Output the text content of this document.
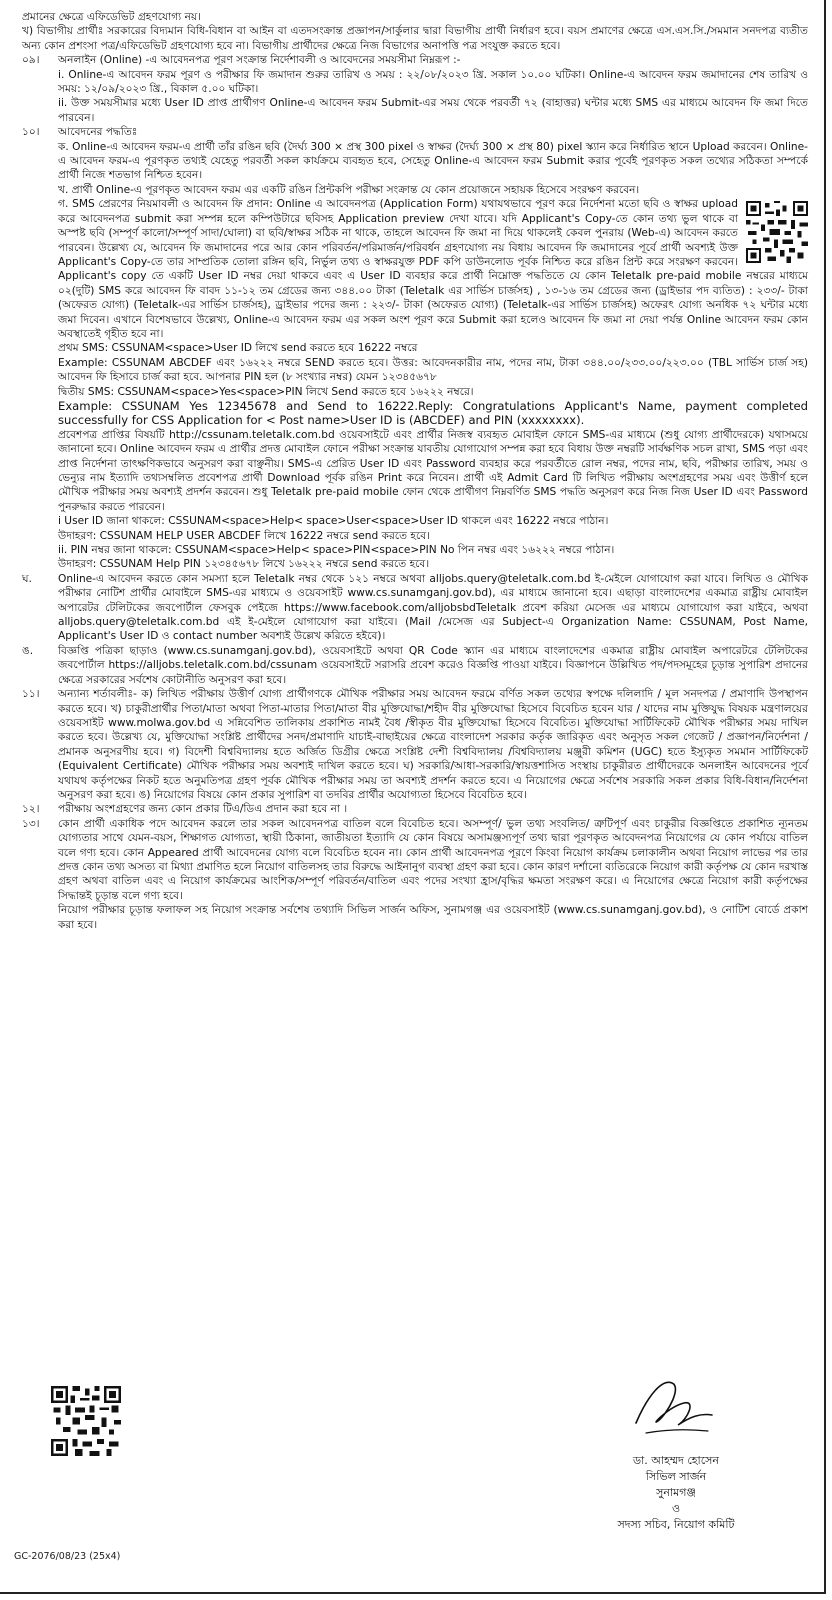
প্রমানের ক্ষেত্রে এফিডেভিট গ্রহণযোগ্য নয়।

খ) বিভাগীয় প্রার্থীঃ সরকারের বিদ্যমান বিধি-বিধান বা আইন বা এতদসংক্রান্ত প্রজ্ঞাপন/সার্কুলার দ্বারা বিভাগীয় প্রার্থী নির্ধারণ হবে। বয়স প্রমাণের ক্ষেত্রে এস.এস.সি./সমমান সনদপত্র ব্যতীত অন্য কোন প্রশংসা পত্র/এফিডেভিট গ্রহণযোগ্য হবে না। বিভাগীয় প্রার্থীদের ক্ষেত্রে নিজ বিভাগের অনাপত্তি পত্র সংযুক্ত করতে হবে।

০৯।	অনলাইন (Online) -এ আবেদনপত্র পূরণ সংক্রান্ত নির্দেশাবলী ও আবেদনের সময়সীমা নিম্নরূপ :-

i. Online-এ আবেদন ফরম পূরণ ও পরীক্ষার ফি জমাদান শুরুর তারিখ ও সময় : ২২/০৮/২০২৩ খ্রি. সকাল ১০.০০ ঘটিকা। Online-এ আবেদন ফরম জমাদানের শেষ তারিখ ও সময়: ১২/০৯/২০২৩ খ্রি., বিকাল ৫.০০ ঘটিকা।

ii. উক্ত সময়সীমার মধ্যে User ID প্রাপ্ত প্রার্থীগণ Online-এ আবেদন ফরম Submit-এর সময় থেকে পরবর্তী ৭২ (বাহাত্তর) ঘন্টার মধ্যে SMS এর মাধ্যমে আবেদন ফি জমা দিতে পারবেন।

১০।	আবেদনের পদ্ধতিঃ

ক. Online-এ আবেদন ফরম-এ প্রার্থী তাঁর রঙিন ছবি (দৈর্ঘ্য 300 × প্রস্থ 300 pixel ও স্বাক্ষর (দৈর্ঘ্য 300 × প্রস্থ 80) pixel স্ক্যান করে নির্ধারিত স্থানে Upload করবেন। Online-এ আবেদন ফরম-এ পূরণকৃত তথ্যই যেহেতু পরবর্তী সকল কার্যক্রমে ব্যবহৃত হবে, সেহেতু Online-এ আবেদন ফরম Submit করার পূর্বেই পূরণকৃত সকল তথ্যের সঠিকতা সম্পর্কে প্রার্থী নিজে শতভাগ নিশ্চিত হবেন।

খ. প্রার্থী Online-এ পূরণকৃত আবেদন ফরম এর একটি রঙিন প্রিন্টকপি পরীক্ষা সংক্রান্ত যে কোন প্রয়োজনে সহায়ক হিসেবে সংরক্ষণ করবেন।

গ. SMS প্রেরণের নিয়মাবলী ও আবেদন ফি প্রদান: Online এ আবেদনপত্র (Application Form) যথাযথভাবে পূরণ করে নির্দেশনা মতো ছবি ও স্বাক্ষর upload করে আবেদনপত্র submit করা সম্পন্ন হলে কম্পিউটারে ছবিসহ Application preview দেখা যাবে। যদি Applicant's Copy-তে কোন তথ্য ভুল থাকে বা অস্পষ্ট ছবি (সম্পূর্ণ কালো/সম্পূর্ণ সাদা/ঘোলা) বা ছবি/স্বাক্ষর সঠিক না থাকে, তাহলে আবেদন ফি জমা না দিয়ে থাকলেই কেবল পুনরায় (Web-এ) আবেদন করতে পারবেন। উল্লেখ্য যে, আবেদন ফি জমাদানের পরে আর কোন পরিবর্তন/পরিমার্জন/পরিবর্ধন গ্রহণযোগ্য নয় বিধায় আবেদন ফি জমাদানের পূর্বে প্রার্থী অবশ্যই উক্ত Applicant's Copy-তে তার সাম্প্রতিক তোলা রঙ্গিন ছবি, নির্ভুল তথ্য ও স্বাক্ষরযুক্ত PDF কপি ডাউনলোড পূর্বক নিশ্চিত করে রঙিন প্রিন্ট করে সংরক্ষণ করবেন। Applicant's copy তে একটি User ID নম্বর দেয়া থাকবে এবং এ User ID ব্যবহার করে প্রার্থী নিম্নোক্ত পদ্ধতিতে যে কোন Teletalk pre-paid mobile নম্বরের মাধ্যমে ০২(দুটি) SMS করে আবেদন ফি বাবদ ১১-১২ তম গ্রেডের জন্য ৩৪৪.০০ টাকা (Teletalk এর সার্ভিস চার্জসহ) , ১৩-১৬ তম গ্রেডের জন্য (ড্রাইভার পদ ব্যতিত) : ২৩৩/- টাকা (অফেরত যোগ্য) (Teletalk-এর সার্ভিস চার্জসহ), ড্রাইভার পদের জন্য : ২২৩/- টাকা (অফেরত যোগ্য) (Teletalk-এর সার্ভিস চার্জসহ) অফেরৎ যোগ্য অনধিক ৭২ ঘন্টার মধ্যে জমা দিবেন। এখানে বিশেষভাবে উল্লেখ্য, Online-এ আবেদন ফরম এর সকল অংশ পূরণ করে Submit করা হলেও আবেদন ফি জমা না দেয়া পর্যন্ত Online আবেদন ফরম কোন অবস্থাতেই গৃহীত হবে না।

প্রথম SMS: CSSUNAM<space>User ID লিখে send করতে হবে 16222 নম্বরে

Example: CSSUNAM ABCDEF এবং ১৬২২২ নম্বরে SEND করতে হবে। উত্তর: আবেদনকারীর নাম, পদের নাম, টাকা ৩৪৪.০০/২৩৩.০০/২২৩.০০ (TBL সার্ভিস চার্জ সহ) আবেদন ফি হিসাবে চার্জ করা হবে. আপনার PIN হল (৮ সংখ্যার নম্বর) যেমন ১২৩৪৫৬৭৮

দ্বিতীয় SMS: CSSUNAM<space>Yes<space>PIN লিখে Send করতে হবে ১৬২২২ নম্বরে।

Example: CSSUNAM Yes 12345678 and Send to 16222.Reply: Congratulations Applicant's Name, payment completed successfully for CSS Application for < Post name>User ID is (ABCDEF) and PIN (xxxxxxxx).

প্রবেশপত্র প্রাপ্তির বিষয়টি http://cssunam.teletalk.com.bd ওয়েবসাইটে এবং প্রার্থীর নিজস্ব ব্যবহৃত মোবাইল ফোনে SMS-এর মাধ্যমে (শুধু যোগ্য প্রার্থীদেরকে) যথাসময়ে জানানো হবে। Online আবেদন ফরম এ প্রার্থীর প্রদত্ত মোবাইল ফোনে পরীক্ষা সংক্রান্ত যাবতীয় যোগাযোগ সম্পন্ন করা হবে বিধায় উক্ত নম্বরটি সার্বক্ষণিক সচল রাখা, SMS পড়া এবং প্রাপ্ত নির্দেশনা তাৎক্ষণিকভাবে অনুসরণ করা বাঞ্ছনীয়। SMS-এ প্রেরিত User ID এবং Password ব্যবহার করে পরবর্তীতে রোল নম্বর, পদের নাম, ছবি, পরীক্ষার তারিখ, সময় ও ভেন্যুর নাম ইত্যাদি তথ্যসম্বলিত প্রবেশপত্র প্রার্থী Download পূর্বক রঙিন Print করে নিবেন। প্রার্থী এই Admit Card টি লিখিত পরীক্ষায় অংশগ্রহণের সময় এবং উত্তীর্ণ হলে মৌখিক পরীক্ষার সময় অবশ্যই প্রদর্শন করবেন। শুধু Teletalk pre-paid mobile ফোন থেকে প্রার্থীগণ নিম্নবর্ণিত SMS পদ্ধতি অনুসরণ করে নিজ নিজ User ID এবং Password পুনরুদ্ধার করতে পারবেন।

i User ID জানা থাকলে: CSSUNAM<space>Help< space>User<space>User ID থাকলে এবং 16222 নম্বরে পাঠান।

উদাহরণ: CSSUNAM HELP USER ABCDEF লিখে 16222 নম্বরে send করতে হবে।

ii. PIN নম্বর জানা থাকলে: CSSUNAM<space>Help< space>PIN<space>PIN No পিন নম্বর এবং ১৬২২২ নম্বরে পাঠান।

উদাহরণ: CSSUNAM Help PIN ১২৩৪৫৬৭৮ লিখে ১৬২২২ নম্বরে send করতে হবে।

ঘ.	Online-এ আবেদন করতে কোন সমস্যা হলে Teletalk নম্বর থেকে ১২১ নম্বরে অথবা alljobs.query@teletalk.com.bd ই-মেইলে যোগাযোগ করা যাবে। লিখিত ও মৌখিক পরীক্ষার নোটিশ প্রার্থীর মোবাইলে SMS-এর মাধ্যমে ও ওয়েবসাইট www.cs.sunamganj.gov.bd), এর মাধ্যমে জানানো হবে। এছাড়া বাংলাদেশের একমাত্র রাষ্ট্রীয় মোবাইল অপারেটর টেলিটকের জবপোর্টাল ফেসবুক পেইজে https://www.facebook.com/alljobsbdTeletalk প্রবেশ করিয়া মেসেজ এর মাধ্যমে যোগাযোগ করা যাইবে, অথবা alljobs.query@teletalk.com.bd এই ই-মেইলে যোগাযোগ করা যাইবে। (Mail /মেসেজ এর Subject-এ Organization Name: CSSUNAM, Post Name, Applicant's User ID ও contact number অবশ্যই উল্লেখ করিতে হইবে)।

ঙ.	বিজ্ঞপ্তি পত্রিকা ছাড়াও (www.cs.sunamganj.gov.bd), ওয়েবসাইটে অথবা QR Code স্ক্যান এর মাধ্যমে বাংলাদেশের একমাত্র রাষ্ট্রীয় মোবাইল অপারেটরে টেলিটকের জবপোর্টাল https://alljobs.teletalk.com.bd/cssunam ওয়েবসাইটে সরাসরি প্রবেশ করেও বিজ্ঞপ্তি পাওয়া যাইবে। বিজ্ঞাপনে উল্লিখিত পদ/পদসমূহের চূড়ান্ত সুপারিশ প্রদানের ক্ষেত্রে সরকারের সর্বশেষ কোটানীতি অনুসরণ করা হবে।

১১।	অন্যান্য শর্তাবলীঃ- ক) লিখিত পরীক্ষায় উত্তীর্ণ যোগ্য প্রার্থীগণকে মৌখিক পরীক্ষার সময় আবেদন ফরমে বর্ণিত সকল তথ্যের স্বপক্ষে দলিলাদি / মূল সনদপত্র / প্রমাণাদি উপস্থাপন করতে হবে। খ) চাকুরীপ্রার্থীর পিতা/মাতা অথবা পিতা-মাতার পিতা/মাতা বীর মুক্তিযোদ্ধা/শহীদ বীর মুক্তিযোদ্ধা হিসেবে বিবেচিত হবেন যার / যাদের নাম মুক্তিযুদ্ধ বিষয়ক মন্ত্রণালয়ের ওয়েবসাইট www.molwa.gov.bd এ সন্নিবেশিত তালিকায় প্রকাশিত নামই বৈধ /স্বীকৃত বীর মুক্তিযোদ্ধা হিসেবে বিবেচিত। মুক্তিযোদ্ধা সার্টিফিকেট মৌখিক পরীক্ষার সময় দাখিল করতে হবে। উল্লেখ্য যে, মুক্তিযোদ্ধা সংশ্লিষ্ট প্রার্থীদের সনদ/প্রমাণাদি যাচাই-বাছাইয়ের ক্ষেত্রে বাংলাদেশ সরকার কর্তৃক জারিকৃত এবং অনুসৃত সকল গেজেট / প্রজ্ঞাপন/নির্দেশনা / প্রমানক অনুসরণীয় হবে। গ) বিদেশী বিশ্ববিদ্যালয় হতে অর্জিত ডিগ্রীর ক্ষেত্রে সংশ্লিষ্ট দেশী বিশ্ববিদ্যালয় /বিশ্ববিদ্যালয় মঞ্জুরী কমিশন (UGC) হতে ইস্যুকৃত সমমান সার্টিফিকেট (Equivalent Certificate) মৌখিক পরীক্ষার সময় অবশ্যই দাখিল করতে হবে। ঘ) সরকারি/আধা-সরকারি/স্বায়ত্তশাসিত সংস্থায় চাকুরীরত প্রার্থীদেরকে অনলাইন আবেদনের পূর্বে যথাযথ কর্তৃপক্ষের নিকট হতে অনুমতিপত্র গ্রহণ পূর্বক মৌখিক পরীক্ষার সময় তা অবশ্যই প্রদর্শন করতে হবে। এ নিয়োগের ক্ষেত্রে সর্বশেষ সরকারি সকল প্রকার বিধি-বিধান/নির্দেশনা অনুসরণ করা হবে। ঙ) নিয়োগের বিষয়ে কোন প্রকার সুপারিশ বা তদবির প্রার্থীর অযোগ্যতা হিসেবে বিবেচিত হবে।

১২।	পরীক্ষায় অংশগ্রহণের জন্য কোন প্রকার টিএ/ডিএ প্রদান করা হবে না ।

১৩।	কোন প্রার্থী একাধিক পদে আবেদন করলে তার সকল আবেদনপত্র বাতিল বলে বিবেচিত হবে। অসম্পূর্ণ/ ভুল তথ্য সংবলিত/ ত্রুটিপূর্ণ এবং চাকুরীর বিজ্ঞপ্তিতে প্রকাশিত ন্যূনতম যোগ্যতার সাথে যেমন-বয়স, শিক্ষাগত যোগ্যতা, স্থায়ী ঠিকানা, জাতীয়তা ইত্যাদি যে কোন বিষয়ে অসামঞ্জস্যপূর্ণ তথ্য দ্বারা পূরণকৃত আবেদনপত্র নিয়োগের যে কোন পর্যায়ে বাতিল বলে গণ্য হবে। কোন Appeared প্রার্থী আবেদনের যোগ্য বলে বিবেচিত হবেন না। কোন প্রার্থী আবেদনপত্র পূরণে কিংবা নিয়োগ কার্যক্রম চলাকালীন অথবা নিয়োগ লাভের পর তার প্রদত্ত কোন তথ্য অসত্য বা মিথ্যা প্রমাণিত হলে নিয়োগ বাতিলসহ তার বিরুদ্ধে আইনানুগ ব্যবস্থা গ্রহণ করা হবে। কোন কারণ দর্শানো ব্যতিরেকে নিয়োগ কারী কর্তৃপক্ষ যে কোন দরখাস্ত গ্রহণ অথবা বাতিল এবং এ নিয়োগ কার্যক্রমের আংশিক/সম্পূর্ণ পরিবর্তন/বাতিল এবং পদের সংখ্যা হ্রাস/বৃদ্ধির ক্ষমতা সংরক্ষণ করে। এ নিয়োগের ক্ষেত্রে নিয়োগ কারী কর্তৃপক্ষের সিদ্ধান্তই চূড়ান্ত বলে গণ্য হবে।

নিয়োগ পরীক্ষার চূড়ান্ত ফলাফল সহ নিয়োগ সংক্রান্ত সর্বশেষ তথ্যাদি সিভিল সার্জন অফিস, সুনামগঞ্জ এর ওয়েবসাইট (www.cs.sunamganj.gov.bd), ও নোটিশ বোর্ডে প্রকাশ করা হবে।

ডা. আহম্মদ হোসেন
সিভিল সার্জন
সুনামগঞ্জ
ও
সদস্য সচিব, নিয়োগ কমিটি
GC-2076/08/23 (25x4)
